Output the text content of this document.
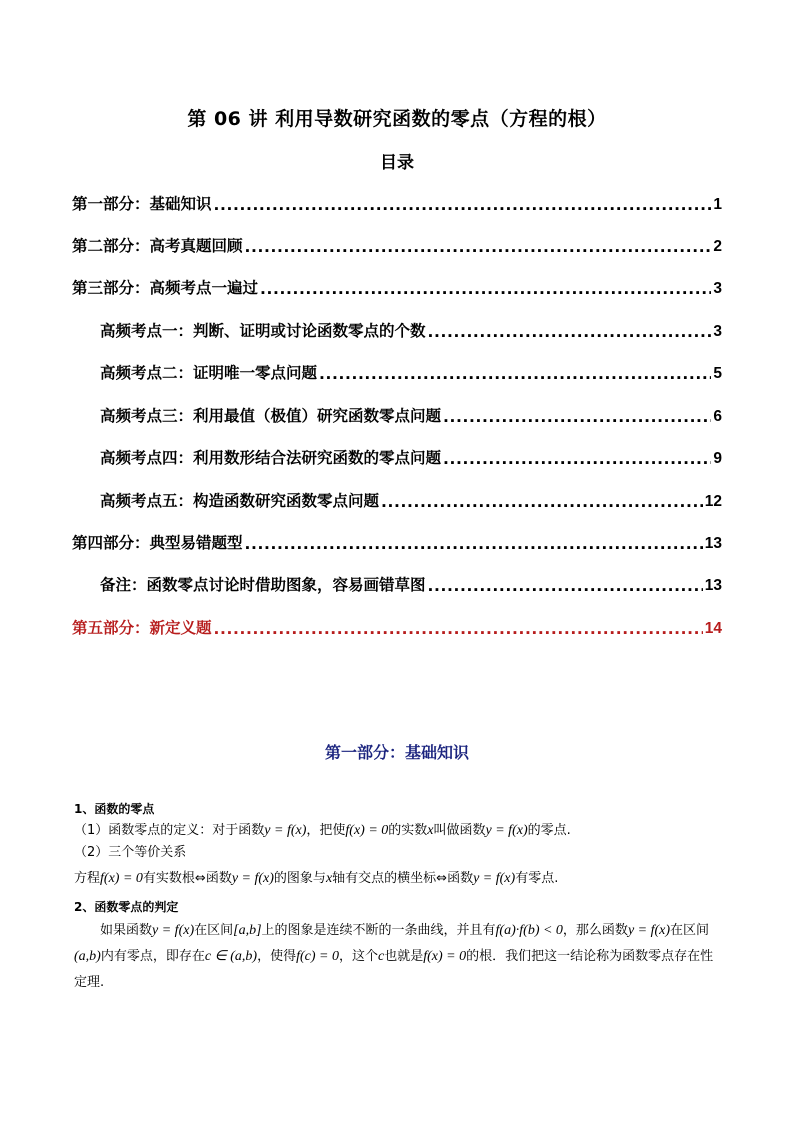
第 06 讲 利用导数研究函数的零点（方程的根）
目录
第一部分：基础知识 .....	1
第二部分：高考真题回顾 .....	2
第三部分：高频考点一遍过 .....	3
高频考点一：判断、证明或讨论函数零点的个数 .....	3
高频考点二：证明唯一零点问题 .....	5
高频考点三：利用最值（极值）研究函数零点问题 .....	6
高频考点四：利用数形结合法研究函数的零点问题 .....	9
高频考点五：构造函数研究函数零点问题 .....	12
第四部分：典型易错题型 .....	13
备注：函数零点讨论时借助图象，容易画错草图 .....	13
第五部分：新定义题 .....	14
第一部分：基础知识
1、函数的零点
（1）函数零点的定义：对于函数y = f(x)，把使f(x) = 0的实数x叫做函数y = f(x)的零点.
（2）三个等价关系
方程f(x) = 0有实数根⇔函数y = f(x)的图象与x轴有交点的横坐标⇔函数y = f(x)有零点.
2、函数零点的判定

如果函数y = f(x)在区间[a,b]上的图象是连续不断的一条曲线，并且有f(a)·f(b) < 0，那么函数y = f(x)在区间(a,b)内有零点，即存在c ∈ (a,b)，使得f(c) = 0，这个c也就是f(x) = 0的根．我们把这一结论称为函数零点存在性定理.
